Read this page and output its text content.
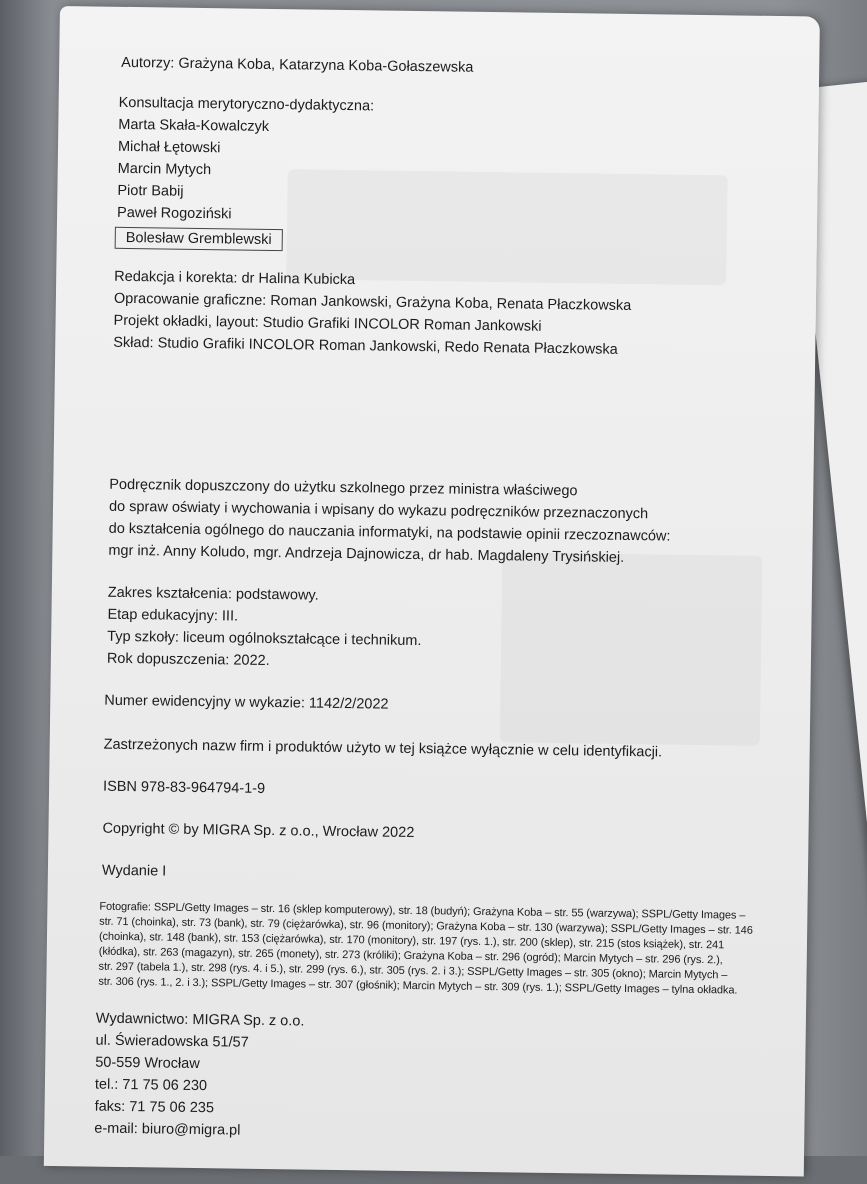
Autorzy: Grażyna Koba, Katarzyna Koba-Gołaszewska
Konsultacja merytoryczno-dydaktyczna:
Marta Skała-Kowalczyk
Michał Łętowski
Marcin Mytych
Piotr Babij
Paweł Rogoziński
Bolesław Gremblewski
Redakcja i korekta: dr Halina Kubicka
Opracowanie graficzne: Roman Jankowski, Grażyna Koba, Renata Płaczkowska
Projekt okładki, layout: Studio Grafiki INCOLOR Roman Jankowski
Skład: Studio Grafiki INCOLOR Roman Jankowski, Redo Renata Płaczkowska
Podręcznik dopuszczony do użytku szkolnego przez ministra właściwego
do spraw oświaty i wychowania i wpisany do wykazu podręczników przeznaczonych
do kształcenia ogólnego do nauczania informatyki, na podstawie opinii rzeczoznawców:
mgr inż. Anny Koludo, mgr. Andrzeja Dajnowicza, dr hab. Magdaleny Trysińskiej.
Zakres kształcenia: podstawowy.
Etap edukacyjny: III.
Typ szkoły: liceum ogólnokształcące i technikum.
Rok dopuszczenia: 2022.
Numer ewidencyjny w wykazie: 1142/2/2022
Zastrzeżonych nazw firm i produktów użyto w tej książce wyłącznie w celu identyfikacji.
ISBN 978-83-964794-1-9
Copyright © by MIGRA Sp. z o.o., Wrocław 2022
Wydanie I
Fotografie: SSPL/Getty Images – str. 16 (sklep komputerowy), str. 18 (budyń); Grażyna Koba – str. 55 (warzywa); SSPL/Getty Images –
str. 71 (choinka), str. 73 (bank), str. 79 (ciężarówka), str. 96 (monitory); Grażyna Koba – str. 130 (warzywa); SSPL/Getty Images – str. 146
(choinka), str. 148 (bank), str. 153 (ciężarówka), str. 170 (monitory), str. 197 (rys. 1.), str. 200 (sklep), str. 215 (stos książek), str. 241
(kłódka), str. 263 (magazyn), str. 265 (monety), str. 273 (króliki); Grażyna Koba – str. 296 (ogród); Marcin Mytych – str. 296 (rys. 2.),
str. 297 (tabela 1.), str. 298 (rys. 4. i 5.), str. 299 (rys. 6.), str. 305 (rys. 2. i 3.); SSPL/Getty Images – str. 305 (okno); Marcin Mytych –
str. 306 (rys. 1., 2. i 3.); SSPL/Getty Images – str. 307 (głośnik); Marcin Mytych – str. 309 (rys. 1.); SSPL/Getty Images – tylna okładka.
Wydawnictwo: MIGRA Sp. z o.o.
ul. Świeradowska 51/57
50-559 Wrocław
tel.: 71 75 06 230
faks: 71 75 06 235
e-mail: biuro@migra.pl
